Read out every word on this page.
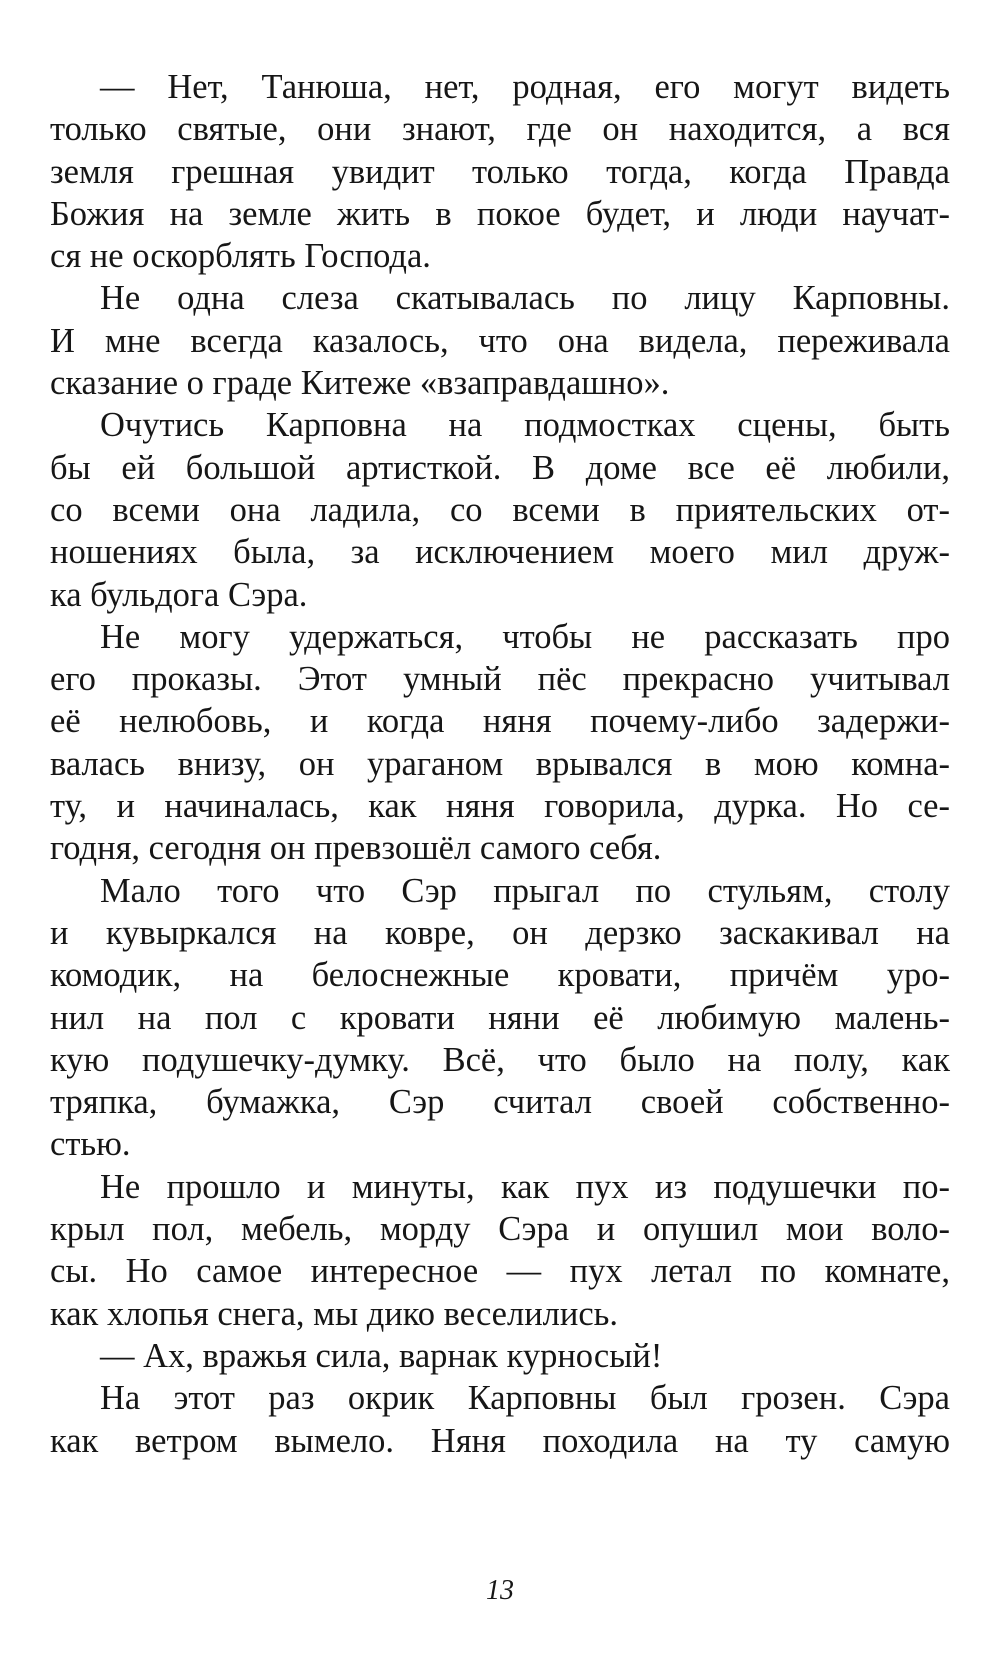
— Нет, Танюша, нет, родная, его могут видеть
только святые, они знают, где он находится, а вся
земля грешная увидит только тогда, когда Правда
Божия на земле жить в покое будет, и люди научат-
ся не оскорблять Господа.
Не одна слеза скатывалась по лицу Карповны.
И мне всегда казалось, что она видела, переживала
сказание о граде Китеже «взаправдашно».
Очутись Карповна на подмостках сцены, быть
бы ей большой артисткой. В доме все её любили,
со всеми она ладила, со всеми в приятельских от-
ношениях была, за исключением моего мил друж-
ка бульдога Сэра.
Не могу удержаться, чтобы не рассказать про
его проказы. Этот умный пёс прекрасно учитывал
её нелюбовь, и когда няня почему-либо задержи-
валась внизу, он ураганом врывался в мою комна-
ту, и начиналась, как няня говорила, дурка. Но се-
годня, сегодня он превзошёл самого себя.
Мало того что Сэр прыгал по стульям, столу
и кувыркался на ковре, он дерзко заскакивал на
комодик, на белоснежные кровати, причём уро-
нил на пол с кровати няни её любимую малень-
кую подушечку-думку. Всё, что было на полу, как
тряпка, бумажка, Сэр считал своей собственно-
стью.
Не прошло и минуты, как пух из подушечки по-
крыл пол, мебель, морду Сэра и опушил мои воло-
сы. Но самое интересное — пух летал по комнате,
как хлопья снега, мы дико веселились.
— Ах, вражья сила, варнак курносый!
На этот раз окрик Карповны был грозен. Сэра
как ветром вымело. Няня походила на ту самую
13
